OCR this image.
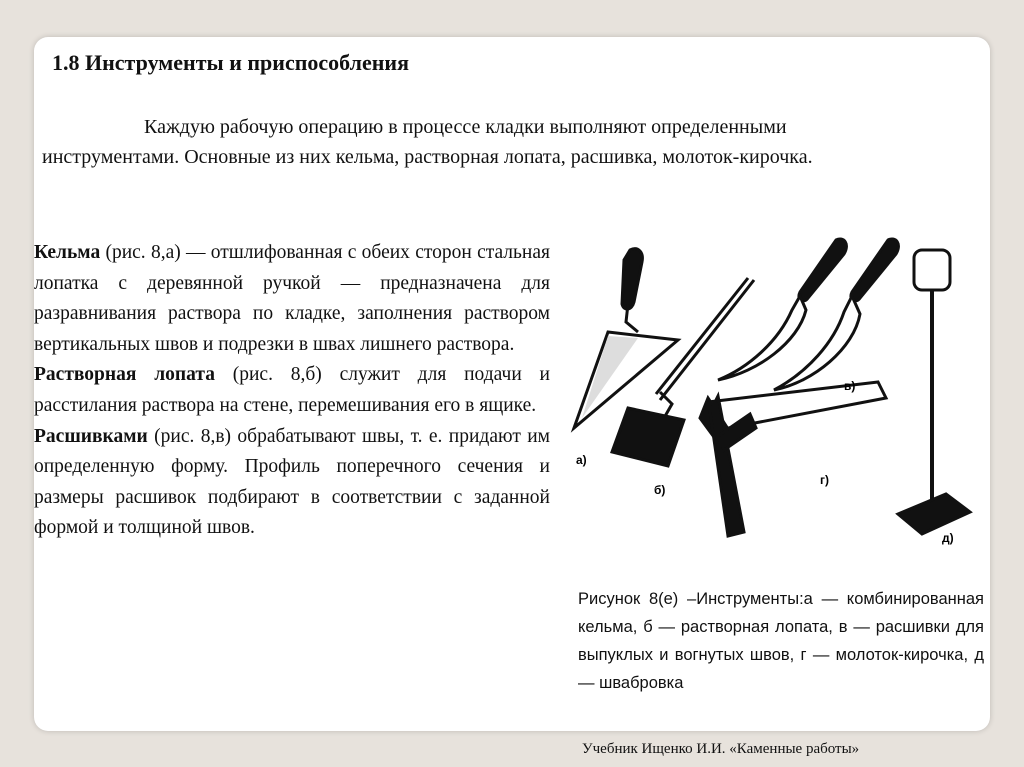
1.8 Инструменты и приспособления
Каждую рабочую операцию в процессе кладки выполняют определенными инструментами. Основные из них кельма, растворная лопата, расшивка, молоток-кирочка.

Кельма (рис. 8,а) — отшлифованная с обеих сторон стальная лопатка с деревянной ручкой — предназначена для разравнивания раствора по кладке, заполнения раствором вертикальных швов и подрезки в швах лишнего раствора.

Растворная лопата (рис. 8,б) служит для подачи и расстилания раствора на стене, перемешивания его в ящике.

Расшивками (рис. 8,в) обрабатывают швы, т. е. придают им определенную форму. Профиль поперечного сечения и размеры расшивок подбирают в соответствии с заданной формой и толщиной швов.

а)
б)
в)
г)
д)
Рисунок 8(е) –Инструменты:а — комбинированная кельма, б — растворная лопата, в — расшивки для выпуклых и вогнутых швов, г — молоток-кирочка, д — швабровка
Учебник Ищенко И.И. «Каменные работы»
